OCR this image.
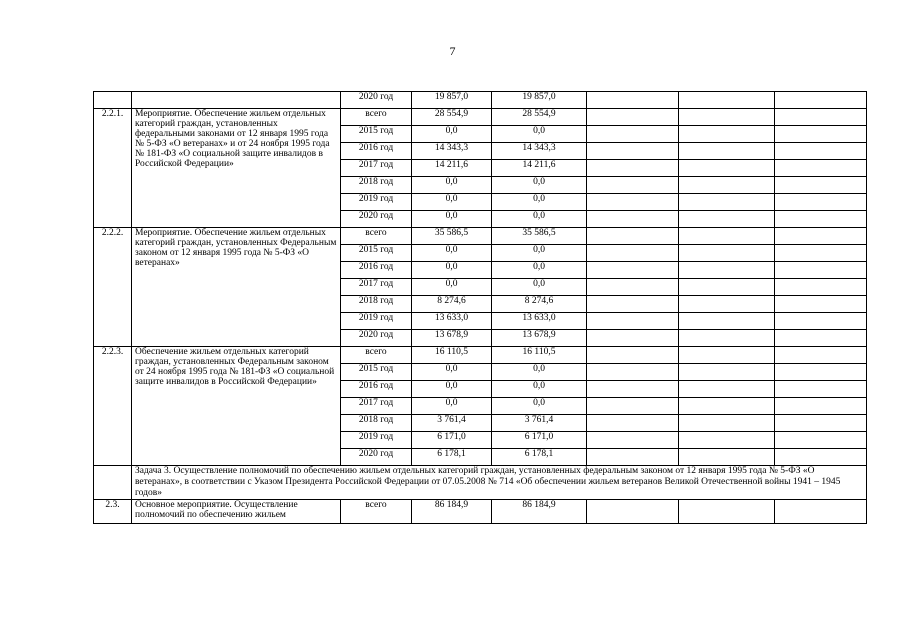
7
		2020 год	19 857,0	19 857,0			
2.2.1.	Мероприятие. Обеспечение жильем отдельных категорий граждан, установленных федеральными законами от 12 января 1995 года № 5-ФЗ «О ветеранах» и от 24 ноября 1995 года № 181-ФЗ «О социальной защите инвалидов в Российской Федерации»	всего	28 554,9	28 554,9			
		2015 год	0,0	0,0			
		2016 год	14 343,3	14 343,3			
		2017 год	14 211,6	14 211,6			
		2018 год	0,0	0,0			
		2019 год	0,0	0,0			
		2020 год	0,0	0,0			
2.2.2.	Мероприятие. Обеспечение жильем отдельных категорий граждан, установленных Федеральным законом от 12 января 1995 года № 5-ФЗ «О ветеранах»	всего	35 586,5	35 586,5			
		2015 год	0,0	0,0			
		2016 год	0,0	0,0			
		2017 год	0,0	0,0			
		2018 год	8 274,6	8 274,6			
		2019 год	13 633,0	13 633,0			
		2020 год	13 678,9	13 678,9			
2.2.3.	Обеспечение жильем отдельных категорий граждан, установленных Федеральным законом от 24 ноября 1995 года № 181-ФЗ «О социальной защите инвалидов в Российской Федерации»	всего	16 110,5	16 110,5			
		2015 год	0,0	0,0			
		2016 год	0,0	0,0			
		2017 год	0,0	0,0			
		2018 год	3 761,4	3 761,4			
		2019 год	6 171,0	6 171,0			
		2020 год	6 178,1	6 178,1			
	Задача 3. Осуществление полномочий по обеспечению жильем отдельных категорий граждан, установленных федеральным законом от 12 января 1995 года № 5-ФЗ «О ветеранах», в соответствии с Указом Президента Российской Федерации от 07.05.2008 № 714 «Об обеспечении жильем ветеранов Великой Отечественной войны 1941 – 1945 годов»						
2.3.	Основное мероприятие. Осуществление полномочий по обеспечению жильем	всего	86 184,9	86 184,9			
